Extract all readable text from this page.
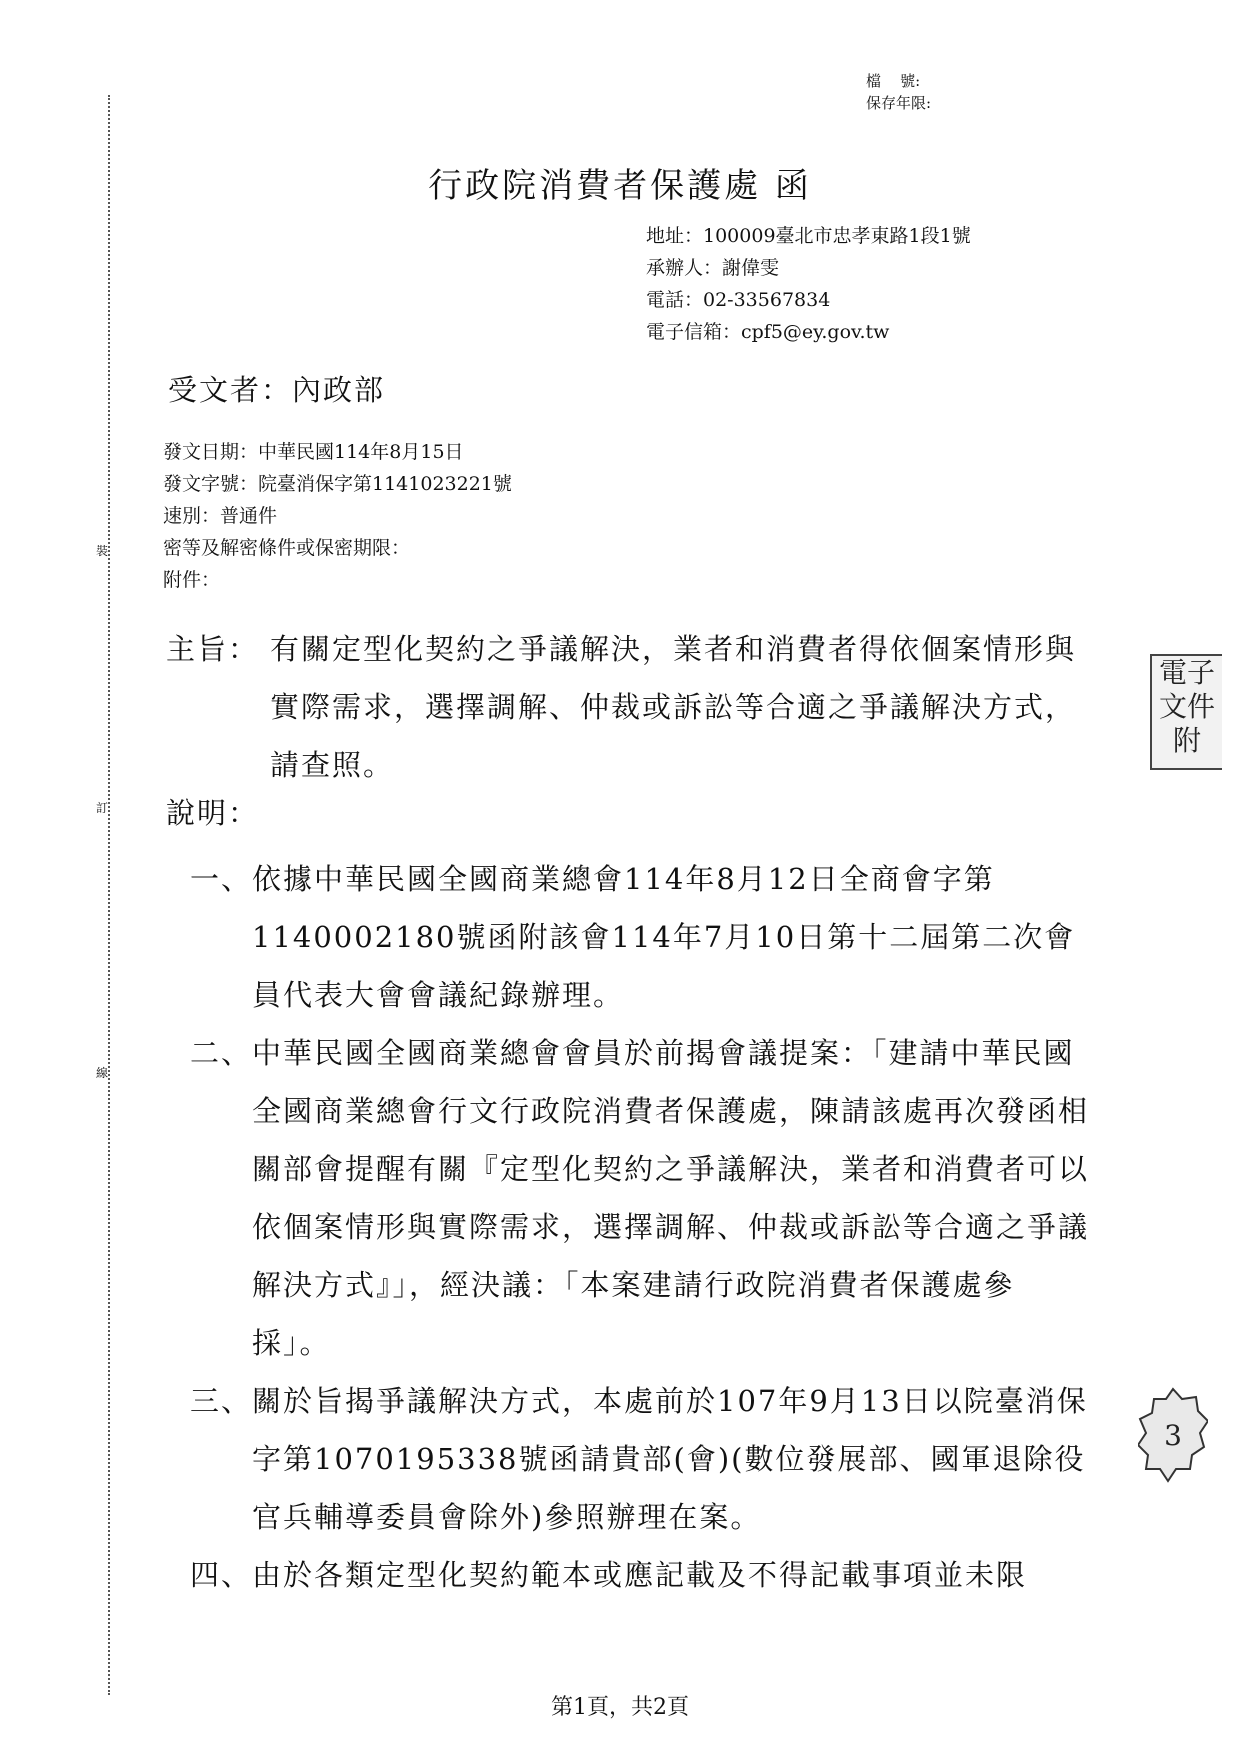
裝
訂
線
檔    號:
保存年限:
行政院消費者保護處 函
地址：100009臺北市忠孝東路1段1號
承辦人：謝偉雯
電話：02-33567834
電子信箱：cpf5@ey.gov.tw
受文者：內政部
發文日期：中華民國114年8月15日
發文字號：院臺消保字第1141023221號
速別：普通件
密等及解密條件或保密期限：
附件：
主旨： 有關定型化契約之爭議解決，業者和消費者得依個案情形與實際需求，選擇調解、仲裁或訴訟等合適之爭議解決方式，請查照。
說明：
一、 依據中華民國全國商業總會114年8月12日全商會字第1140002180號函附該會114年7月10日第十二屆第二次會員代表大會會議紀錄辦理。
二、 中華民國全國商業總會會員於前揭會議提案：「建請中華民國全國商業總會行文行政院消費者保護處，陳請該處再次發函相關部會提醒有關『定型化契約之爭議解決，業者和消費者可以依個案情形與實際需求，選擇調解、仲裁或訴訟等合適之爭議解決方式』」，經決議：「本案建請行政院消費者保護處參採」。
三、 關於旨揭爭議解決方式，本處前於107年9月13日以院臺消保字第1070195338號函請貴部(會)(數位發展部、國軍退除役官兵輔導委員會除外)參照辦理在案。
四、 由於各類定型化契約範本或應記載及不得記載事項並未限
電子
文件
附
3
第1頁，共2頁
